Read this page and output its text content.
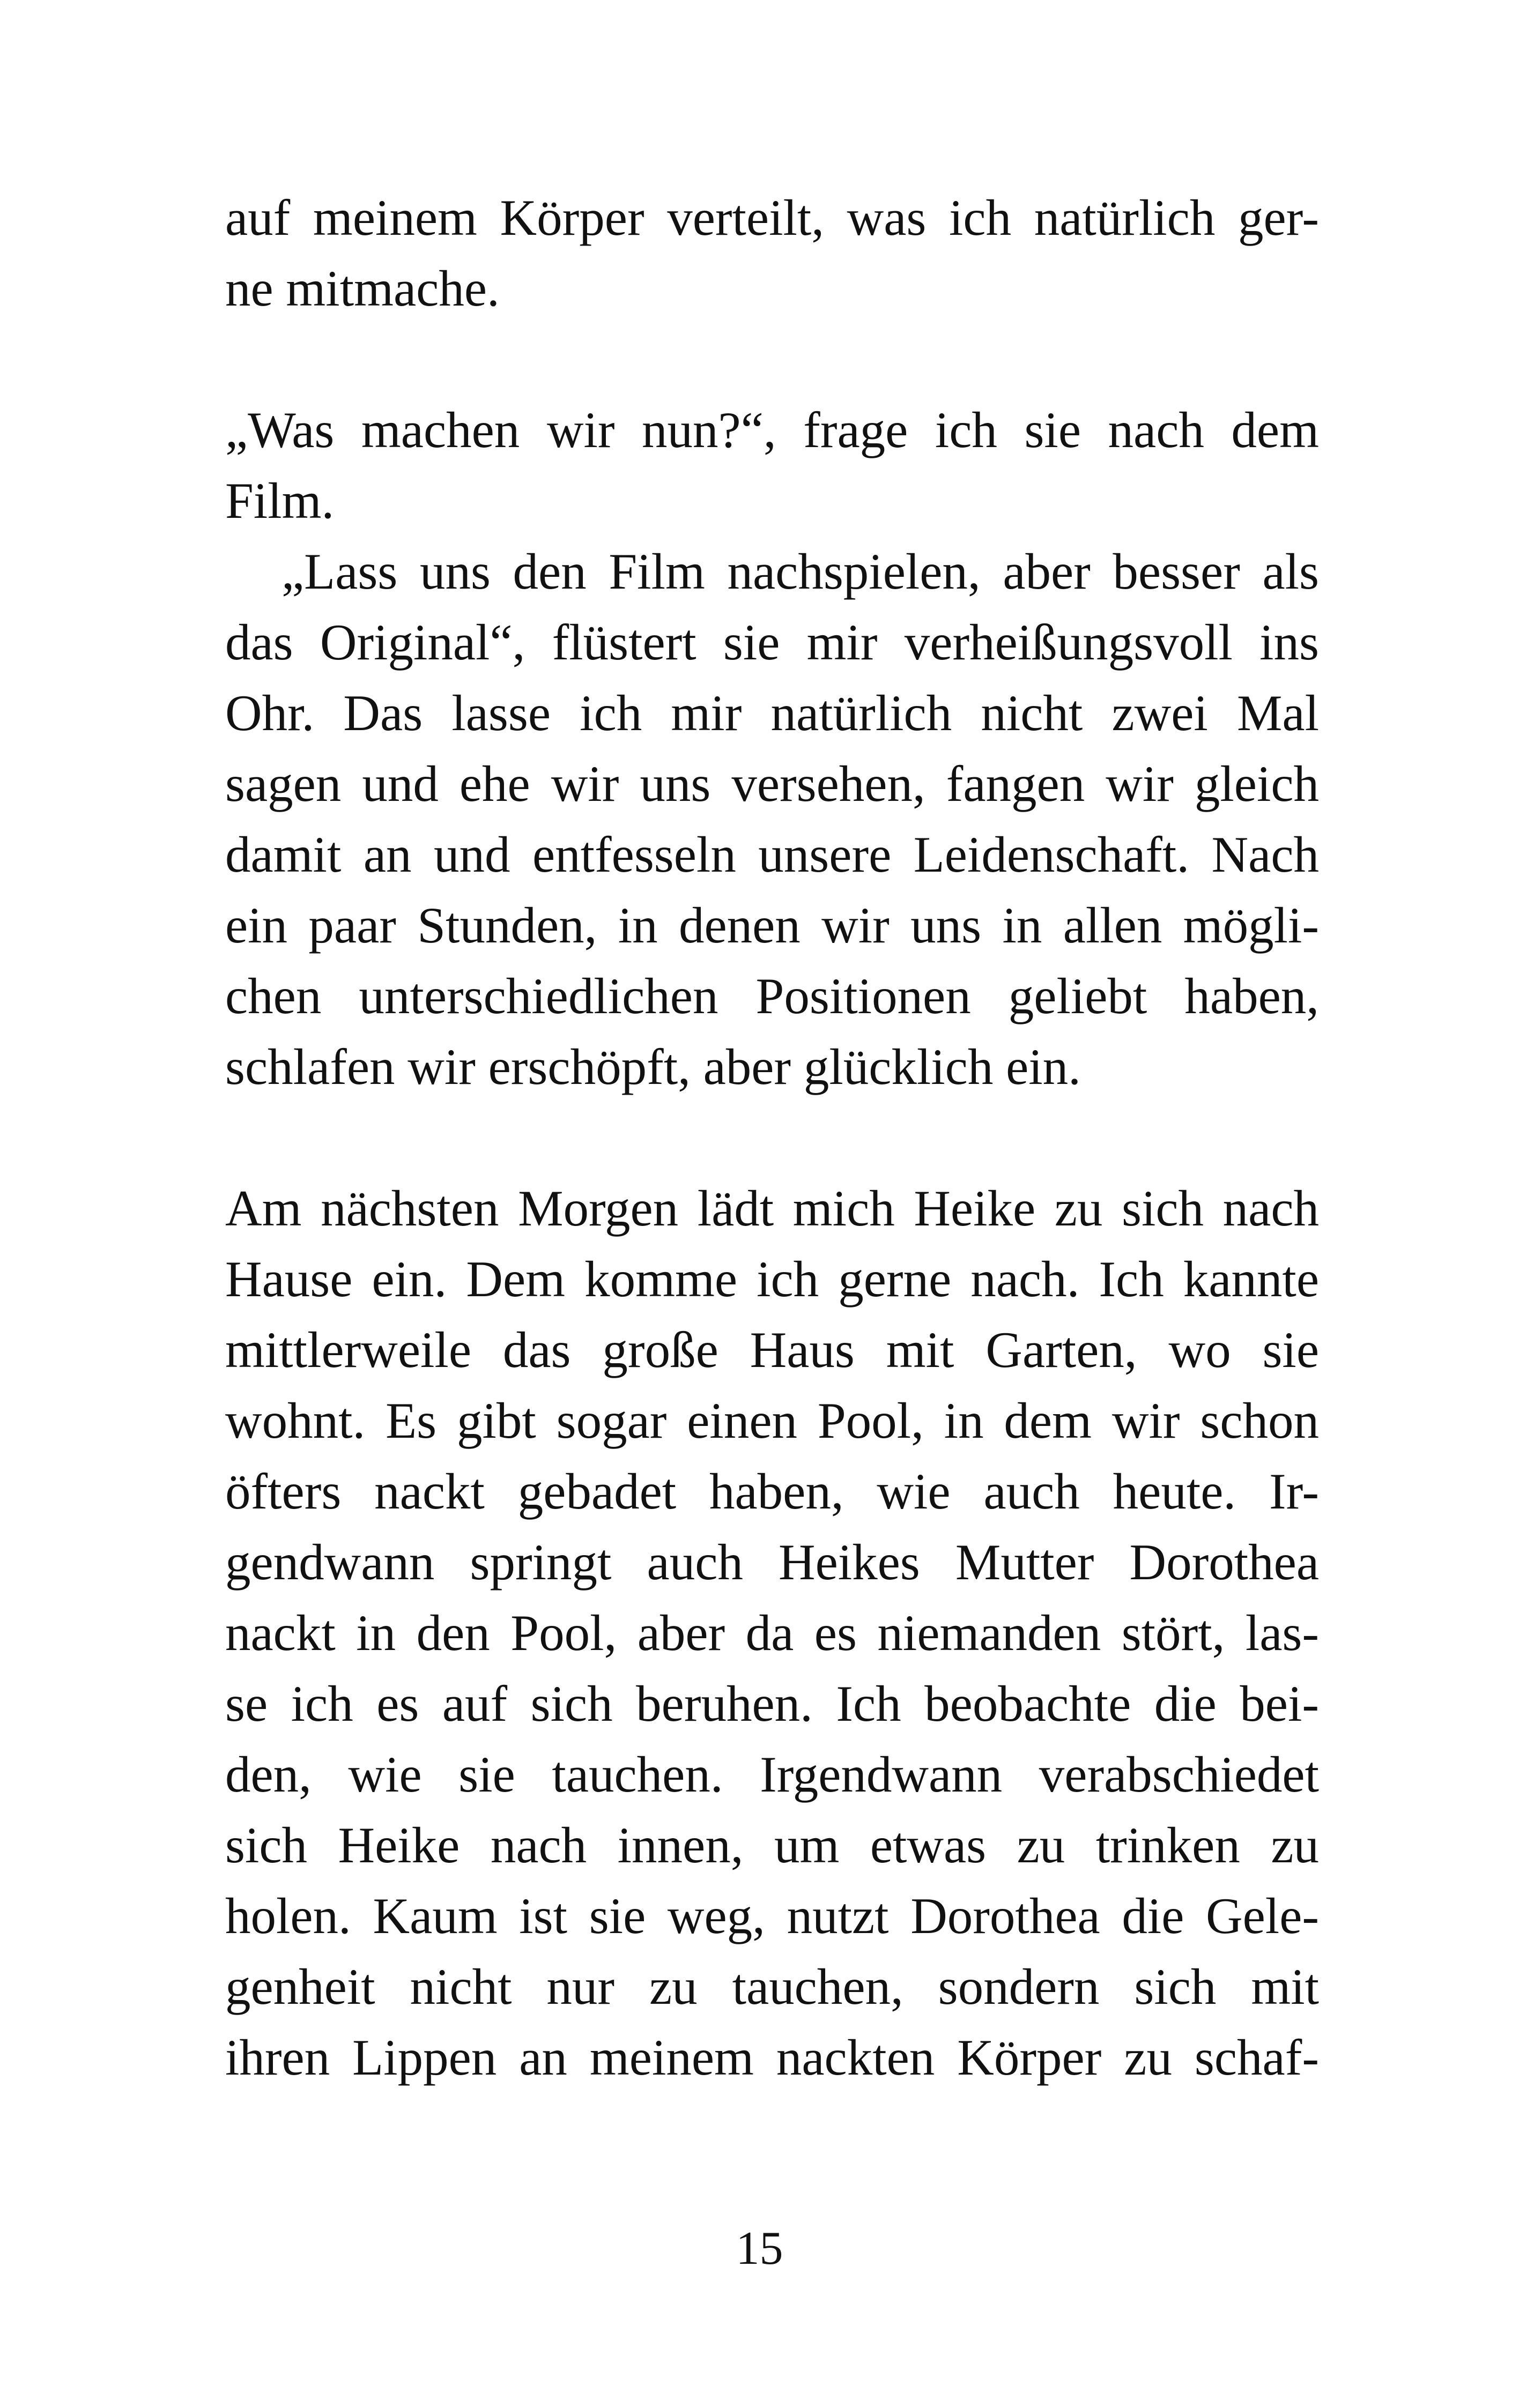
auf meinem Körper verteilt, was ich natürlich ger-
ne mitmache.
„Was machen wir nun?“, frage ich sie nach dem
Film.
„Lass uns den Film nachspielen, aber besser als
das Original“, flüstert sie mir verheißungsvoll ins
Ohr. Das lasse ich mir natürlich nicht zwei Mal
sagen und ehe wir uns versehen, fangen wir gleich
damit an und entfesseln unsere Leidenschaft. Nach
ein paar Stunden, in denen wir uns in allen mögli-
chen unterschiedlichen Positionen geliebt haben,
schlafen wir erschöpft, aber glücklich ein.
Am nächsten Morgen lädt mich Heike zu sich nach
Hause ein. Dem komme ich gerne nach. Ich kannte
mittlerweile das große Haus mit Garten, wo sie
wohnt. Es gibt sogar einen Pool, in dem wir schon
öfters nackt gebadet haben, wie auch heute. Ir-
gendwann springt auch Heikes Mutter Dorothea
nackt in den Pool, aber da es niemanden stört, las-
se ich es auf sich beruhen. Ich beobachte die bei-
den, wie sie tauchen. Irgendwann verabschiedet
sich Heike nach innen, um etwas zu trinken zu
holen. Kaum ist sie weg, nutzt Dorothea die Gele-
genheit nicht nur zu tauchen, sondern sich mit
ihren Lippen an meinem nackten Körper zu schaf-
15
